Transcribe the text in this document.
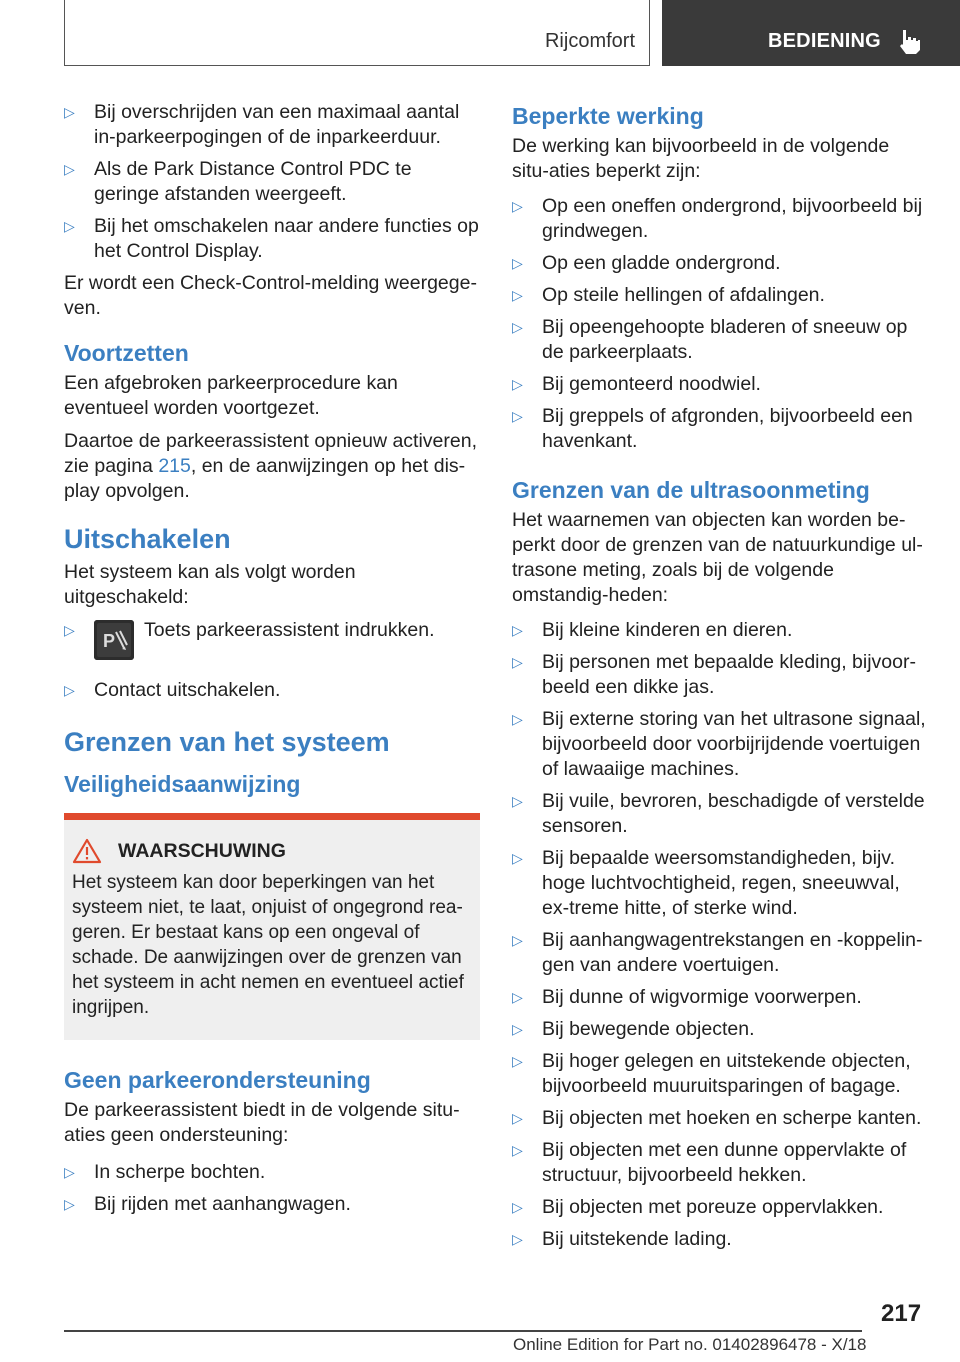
Rijcomfort	BEDIENING
▷ Bij overschrijden van een maximaal aantal in-parkeerpogingen of de inparkeerduur.
▷ Als de Park Distance Control PDC te geringe afstanden weergeeft.
▷ Bij het omschakelen naar andere functies op het Control Display.

Er wordt een Check-Control-melding weergege-ven.

Voortzetten

Een afgebroken parkeerprocedure kan eventueel worden voortgezet.

Daartoe de parkeerassistent opnieuw activeren, zie pagina 215, en de aanwijzingen op het dis-play opvolgen.

Uitschakelen

Het systeem kan als volgt worden uitgeschakeld:

▷
P Toets parkeerassistent indrukken.
▷ Contact uitschakelen.
Grenzen van het systeem
Veiligheidsaanwijzing
WAARSCHUWING

Het systeem kan door beperkingen van het systeem niet, te laat, onjuist of ongegrond rea-geren. Er bestaat kans op een ongeval of schade. De aanwijzingen over de grenzen van het systeem in acht nemen en eventueel actief ingrijpen.

Geen parkeerondersteuning

De parkeerassistent biedt in de volgende situ-aties geen ondersteuning:

▷ In scherpe bochten.
▷ Bij rijden met aanhangwagen.
Beperkte werking

De werking kan bijvoorbeeld in de volgende situ-aties beperkt zijn:

▷ Op een oneffen ondergrond, bijvoorbeeld bij grindwegen.
▷ Op een gladde ondergrond.
▷ Op steile hellingen of afdalingen.
▷ Bij opeengehoopte bladeren of sneeuw op de parkeerplaats.
▷ Bij gemonteerd noodwiel.
▷ Bij greppels of afgronden, bijvoorbeeld een havenkant.
Grenzen van de ultrasoonmeting

Het waarnemen van objecten kan worden be-perkt door de grenzen van de natuurkundige ul-trasone meting, zoals bij de volgende omstandig-heden:

▷ Bij kleine kinderen en dieren.
▷ Bij personen met bepaalde kleding, bijvoor-beeld een dikke jas.
▷ Bij externe storing van het ultrasone signaal, bijvoorbeeld door voorbijrijdende voertuigen of lawaaiige machines.
▷ Bij vuile, bevroren, beschadigde of verstelde sensoren.
▷ Bij bepaalde weersomstandigheden, bijv. hoge luchtvochtigheid, regen, sneeuwval, ex-treme hitte, of sterke wind.
▷ Bij aanhangwagentrekstangen en -koppelin-gen van andere voertuigen.
▷ Bij dunne of wigvormige voorwerpen.
▷ Bij bewegende objecten.
▷ Bij hoger gelegen en uitstekende objecten, bijvoorbeeld muuruitsparingen of bagage.
▷ Bij objecten met hoeken en scherpe kanten.
▷ Bij objecten met een dunne oppervlakte of structuur, bijvoorbeeld hekken.
▷ Bij objecten met poreuze oppervlakken.
▷ Bij uitstekende lading.
217
Online Edition for Part no. 01402896478 - X/18
